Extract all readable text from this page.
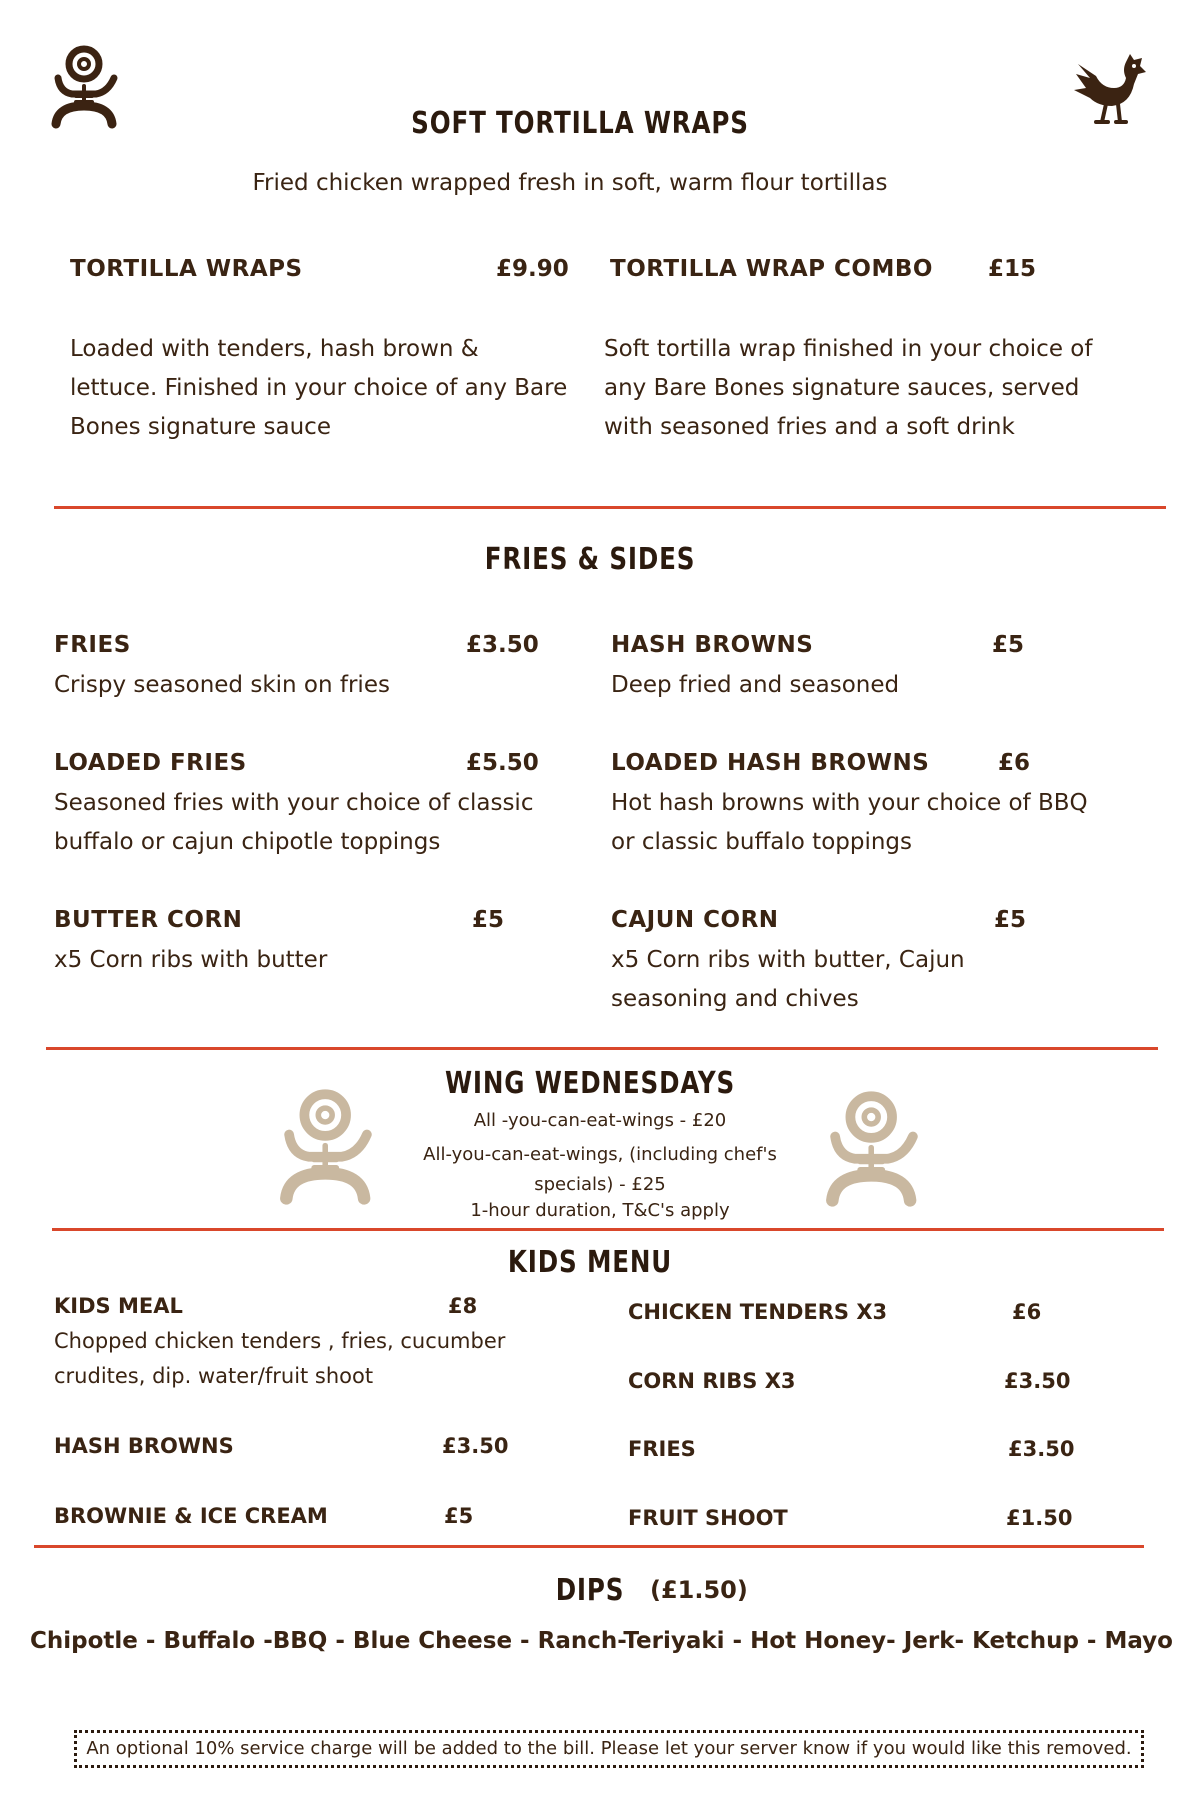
SOFT TORTILLA WRAPS
Fried chicken wrapped fresh in soft, warm flour tortillas
TORTILLA WRAPS	£9.90
Loaded with tenders, hash brown & lettuce. Finished in your choice of any Bare Bones signature sauce
TORTILLA WRAP COMBO £15
Soft tortilla wrap finished in your choice of any Bare Bones signature sauces, served with seasoned fries and a soft drink
FRIES & SIDES
FRIES	£3.50
Crispy seasoned skin on fries
HASH BROWNS	£5
Deep fried and seasoned
LOADED FRIES	£5.50
Seasoned fries with your choice of classic buffalo or cajun chipotle toppings
LOADED HASH BROWNS	£6
Hot hash browns with your choice of BBQ or classic buffalo toppings
BUTTER CORN	£5
x5 Corn ribs with butter
CAJUN CORN	£5
x5 Corn ribs with butter, Cajun seasoning and chives
WING WEDNESDAYS
All -you-can-eat-wings - £20
All-you-can-eat-wings, (including chef's specials) - £25
1-hour duration, T&C's apply
KIDS MENU
KIDS MEAL	£8
Chopped chicken tenders , fries, cucumber crudites, dip. water/fruit shoot
HASH BROWNS	£3.50
BROWNIE & ICE CREAM	£5
CHICKEN TENDERS X3	£6
CORN RIBS X3	£3.50
FRIES	£3.50
FRUIT SHOOT	£1.50
DIPS (£1.50)
Chipotle - Buffalo -BBQ - Blue Cheese - Ranch-Teriyaki - Hot Honey- Jerk- Ketchup - Mayo
An optional 10% service charge will be added to the bill. Please let your server know if you would like this removed.
